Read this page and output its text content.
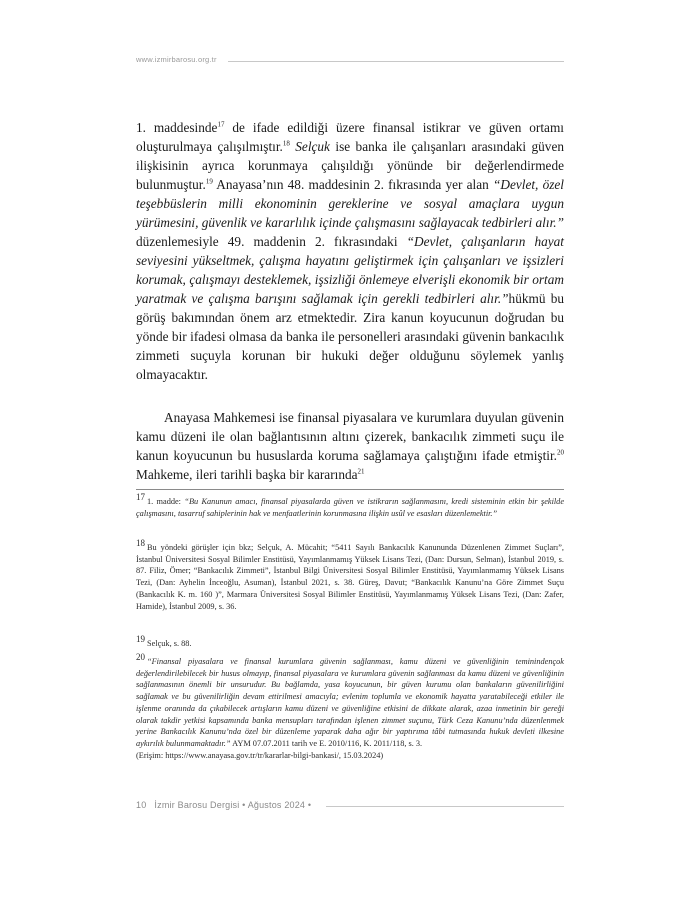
www.izmirbarosu.org.tr

1. maddesinde$^{17}$ de ifade edildiği üzere finansal istikrar ve güven ortamı oluşturulmaya çalışılmıştır.$^{18}$ Selçuk ise banka ile çalışanları arasındaki güven ilişkisinin ayrıca korunmaya çalışıldığı yönünde bir değerlendirmede bulunmuştur.$^{19}$ Anayasa’nın 48. maddesinin 2. fıkrasında yer alan “Devlet, özel teşebbüslerin milli ekonominin gereklerine ve sosyal amaçlara uygun yürümesini, güvenlik ve kararlılık içinde çalışmasını sağlayacak tedbirleri alır.” düzenlemesiyle 49. maddenin 2. fıkrasındaki “Devlet, çalışanların hayat seviyesini yükseltmek, çalışma hayatını geliştirmek için çalışanları ve işsizleri korumak, çalışmayı desteklemek, işsizliği önlemeye elverişli ekonomik bir ortam yaratmak ve çalışma barışını sağlamak için gerekli tedbirleri alır.”hükmü bu görüş bakımından önem arz etmektedir. Zira kanun koyucunun doğrudan bu yönde bir ifadesi olmasa da banka ile personelleri arasındaki güvenin bankacılık zimmeti suçuyla korunan bir hukuki değer olduğunu söylemek yanlış olmayacaktır.

Anayasa Mahkemesi ise finansal piyasalara ve kurumlara duyulan güvenin kamu düzeni ile olan bağlantısının altını çizerek, bankacılık zimmeti suçu ile kanun koyucunun bu hususlarda koruma sağlamaya çalıştığını ifade etmiştir.$^{20}$ Mahkeme, ileri tarihli başka bir kararında$^{21}$

$^{17}$ 1. madde: “Bu Kanunun amacı, finansal piyasalarda güven ve istikrarın sağlanmasını, kredi sisteminin etkin bir şekilde çalışmasını, tasarruf sahiplerinin hak ve menfaatlerinin korunmasına ilişkin usûl ve esasları düzenlemektir.”

$^{18}$ Bu yöndeki görüşler için bkz; Selçuk, A. Mücahit; “5411 Sayılı Bankacılık Kanununda Düzenlenen Zimmet Suçları”, İstanbul Üniversitesi Sosyal Bilimler Enstitüsü, Yayımlanmamış Yüksek Lisans Tezi, (Dan: Dursun, Selman), İstanbul 2019, s. 87. Filiz, Ömer; “Bankacılık Zimmeti”, İstanbul Bilgi Üniversitesi Sosyal Bilimler Enstitüsü, Yayımlanmamış Yüksek Lisans Tezi, (Dan: Ayhelin İnceoğlu, Asuman), İstanbul 2021, s. 38. Güreş, Davut; “Bankacılık Kanunu’na Göre Zimmet Suçu (Bankacılık K. m. 160 )”, Marmara Üniversitesi Sosyal Bilimler Enstitüsü, Yayımlanmamış Yüksek Lisans Tezi, (Dan: Zafer, Hamide), İstanbul 2009, s. 36.

$^{19}$ Selçuk, s. 88.

$^{20}$ “Finansal piyasalara ve finansal kurumlara güvenin sağlanması, kamu düzeni ve güvenliğinin teminindençok değerlendirilebilecek bir husus olmayıp, finansal piyasalara ve kurumlara güvenin sağlanması da kamu düzeni ve güvenliğinin sağlanmasının önemli bir unsurudur. Bu bağlamda, yasa koyucunun, bir güven kurumu olan bankaların güvenilirliğini sağlamak ve bu güvenilirliğin devam ettirilmesi amacıyla; evlenim toplumla ve ekonomik hayatta yaratabileceği etkiler ile işlenme oranında da çıkabilecek artışların kamu düzeni ve güvenliğine etkisini de dikkate alarak, azaa inmetinin bir gereği olarak takdir yetkisi kapsamında banka mensupları tarafından işlenen zimmet suçunu, Türk Ceza Kanunu’nda düzenlenmek yerine Bankacılık Kanunu’nda özel bir düzenleme yaparak daha ağır bir yaptırıma tâbi tutmasında hukuk devleti ilkesine aykırılık bulunmamaktadır.” AYM 07.07.2011 tarih ve E. 2010/116, K. 2011/118, s. 3.
(Erişim: https://www.anayasa.gov.tr/tr/kararlar-bilgi-bankasi/, 15.03.2024)

10 İzmir Barosu Dergisi • Ağustos 2024 •
